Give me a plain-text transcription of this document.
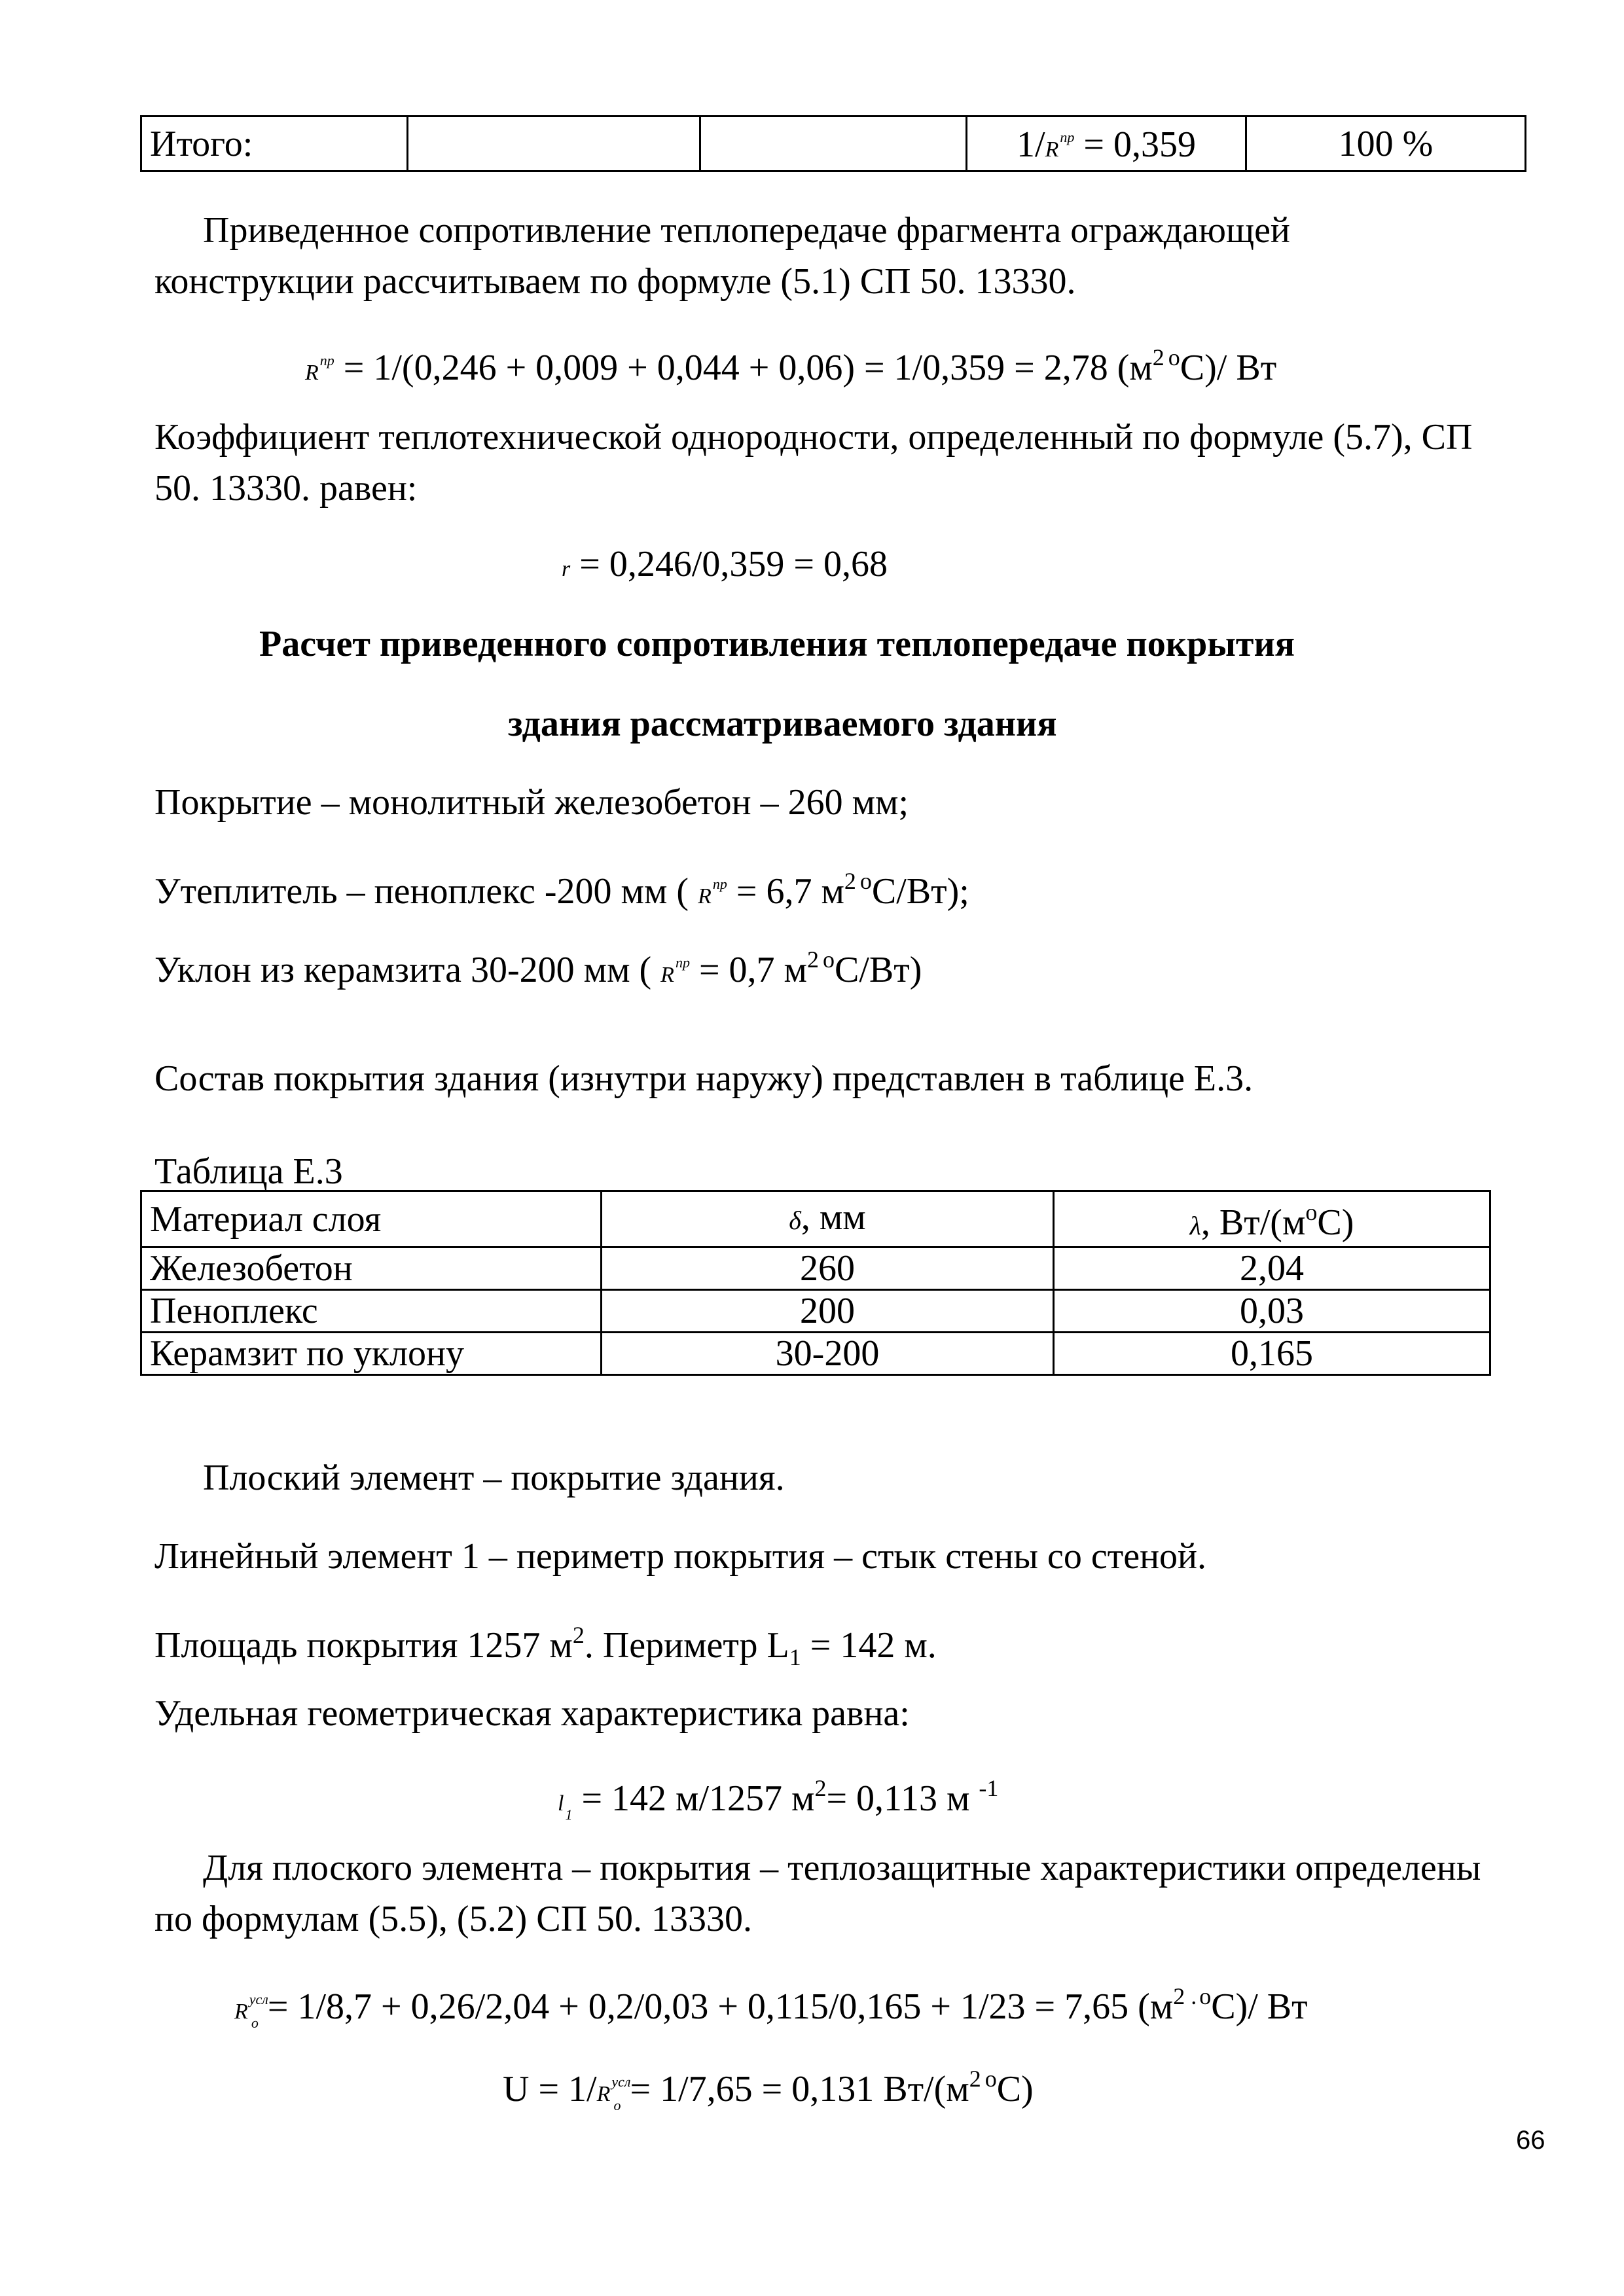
Итого:			$1/R^{пр} = 0,359$	100 %
Приведенное сопротивление теплопередаче фрагмента ограждающей
конструкции рассчитываем по формуле (5.1) СП 50. 13330.
$R^{пр} = 1/(0,246 + 0,009 + 0,044 + 0,06) = 1/0,359 = 2,78$ ($м^2$ $^o$С)/ Вт
Коэффициент теплотехнической однородности, определенный по формуле (5.7), СП
50. 13330. равен:
r = 0,246/0,359 = 0,68
Расчет приведенного сопротивления теплопередаче покрытия
здания рассматриваемого здания
Покрытие – монолитный железобетон – 260 мм;
Утеплитель – пеноплекс -200 мм ( $R^{пр} = 6,7$ $м^2$ $^o$С/Вт);
Уклон из керамзита 30-200 мм ( $R^{пр} = 0,7$ $м^2$ $^o$С/Вт)
Состав покрытия здания (изнутри наружу) представлен в таблице Е.3.
Таблица Е.3
Материал слоя	δ, мм	λ, $Вт/(м^oС)$
Железобетон	260	2,04
Пеноплекс	200	0,03
Керамзит по уклону	30-200	0,165
Плоский элемент – покрытие здания.
Линейный элемент 1 – периметр покрытия – стык стены со стеной.
Площадь покрытия 1257 $м^2$. Периметр $L_1 = 142$ м.
Удельная геометрическая характеристика равна:
$l_1 = 142$ м/1257 $м^2= 0,113$ м $^{-1}$
Для плоского элемента – покрытия – теплозащитные характеристики определены
по формулам (5.5), (5.2) СП 50. 13330.
$R^{усл}_о = 1/8,7 + 0,26/2,04 + 0,2/0,03 + 0,115/0,165 + 1/23 = 7,65$ ($м^{2 .}$ $^o$С)/ Вт
$U = 1/R^{усл}_о = 1/7,65 = 0,131$ $Вт/(м^2$ $^o$С)
66
